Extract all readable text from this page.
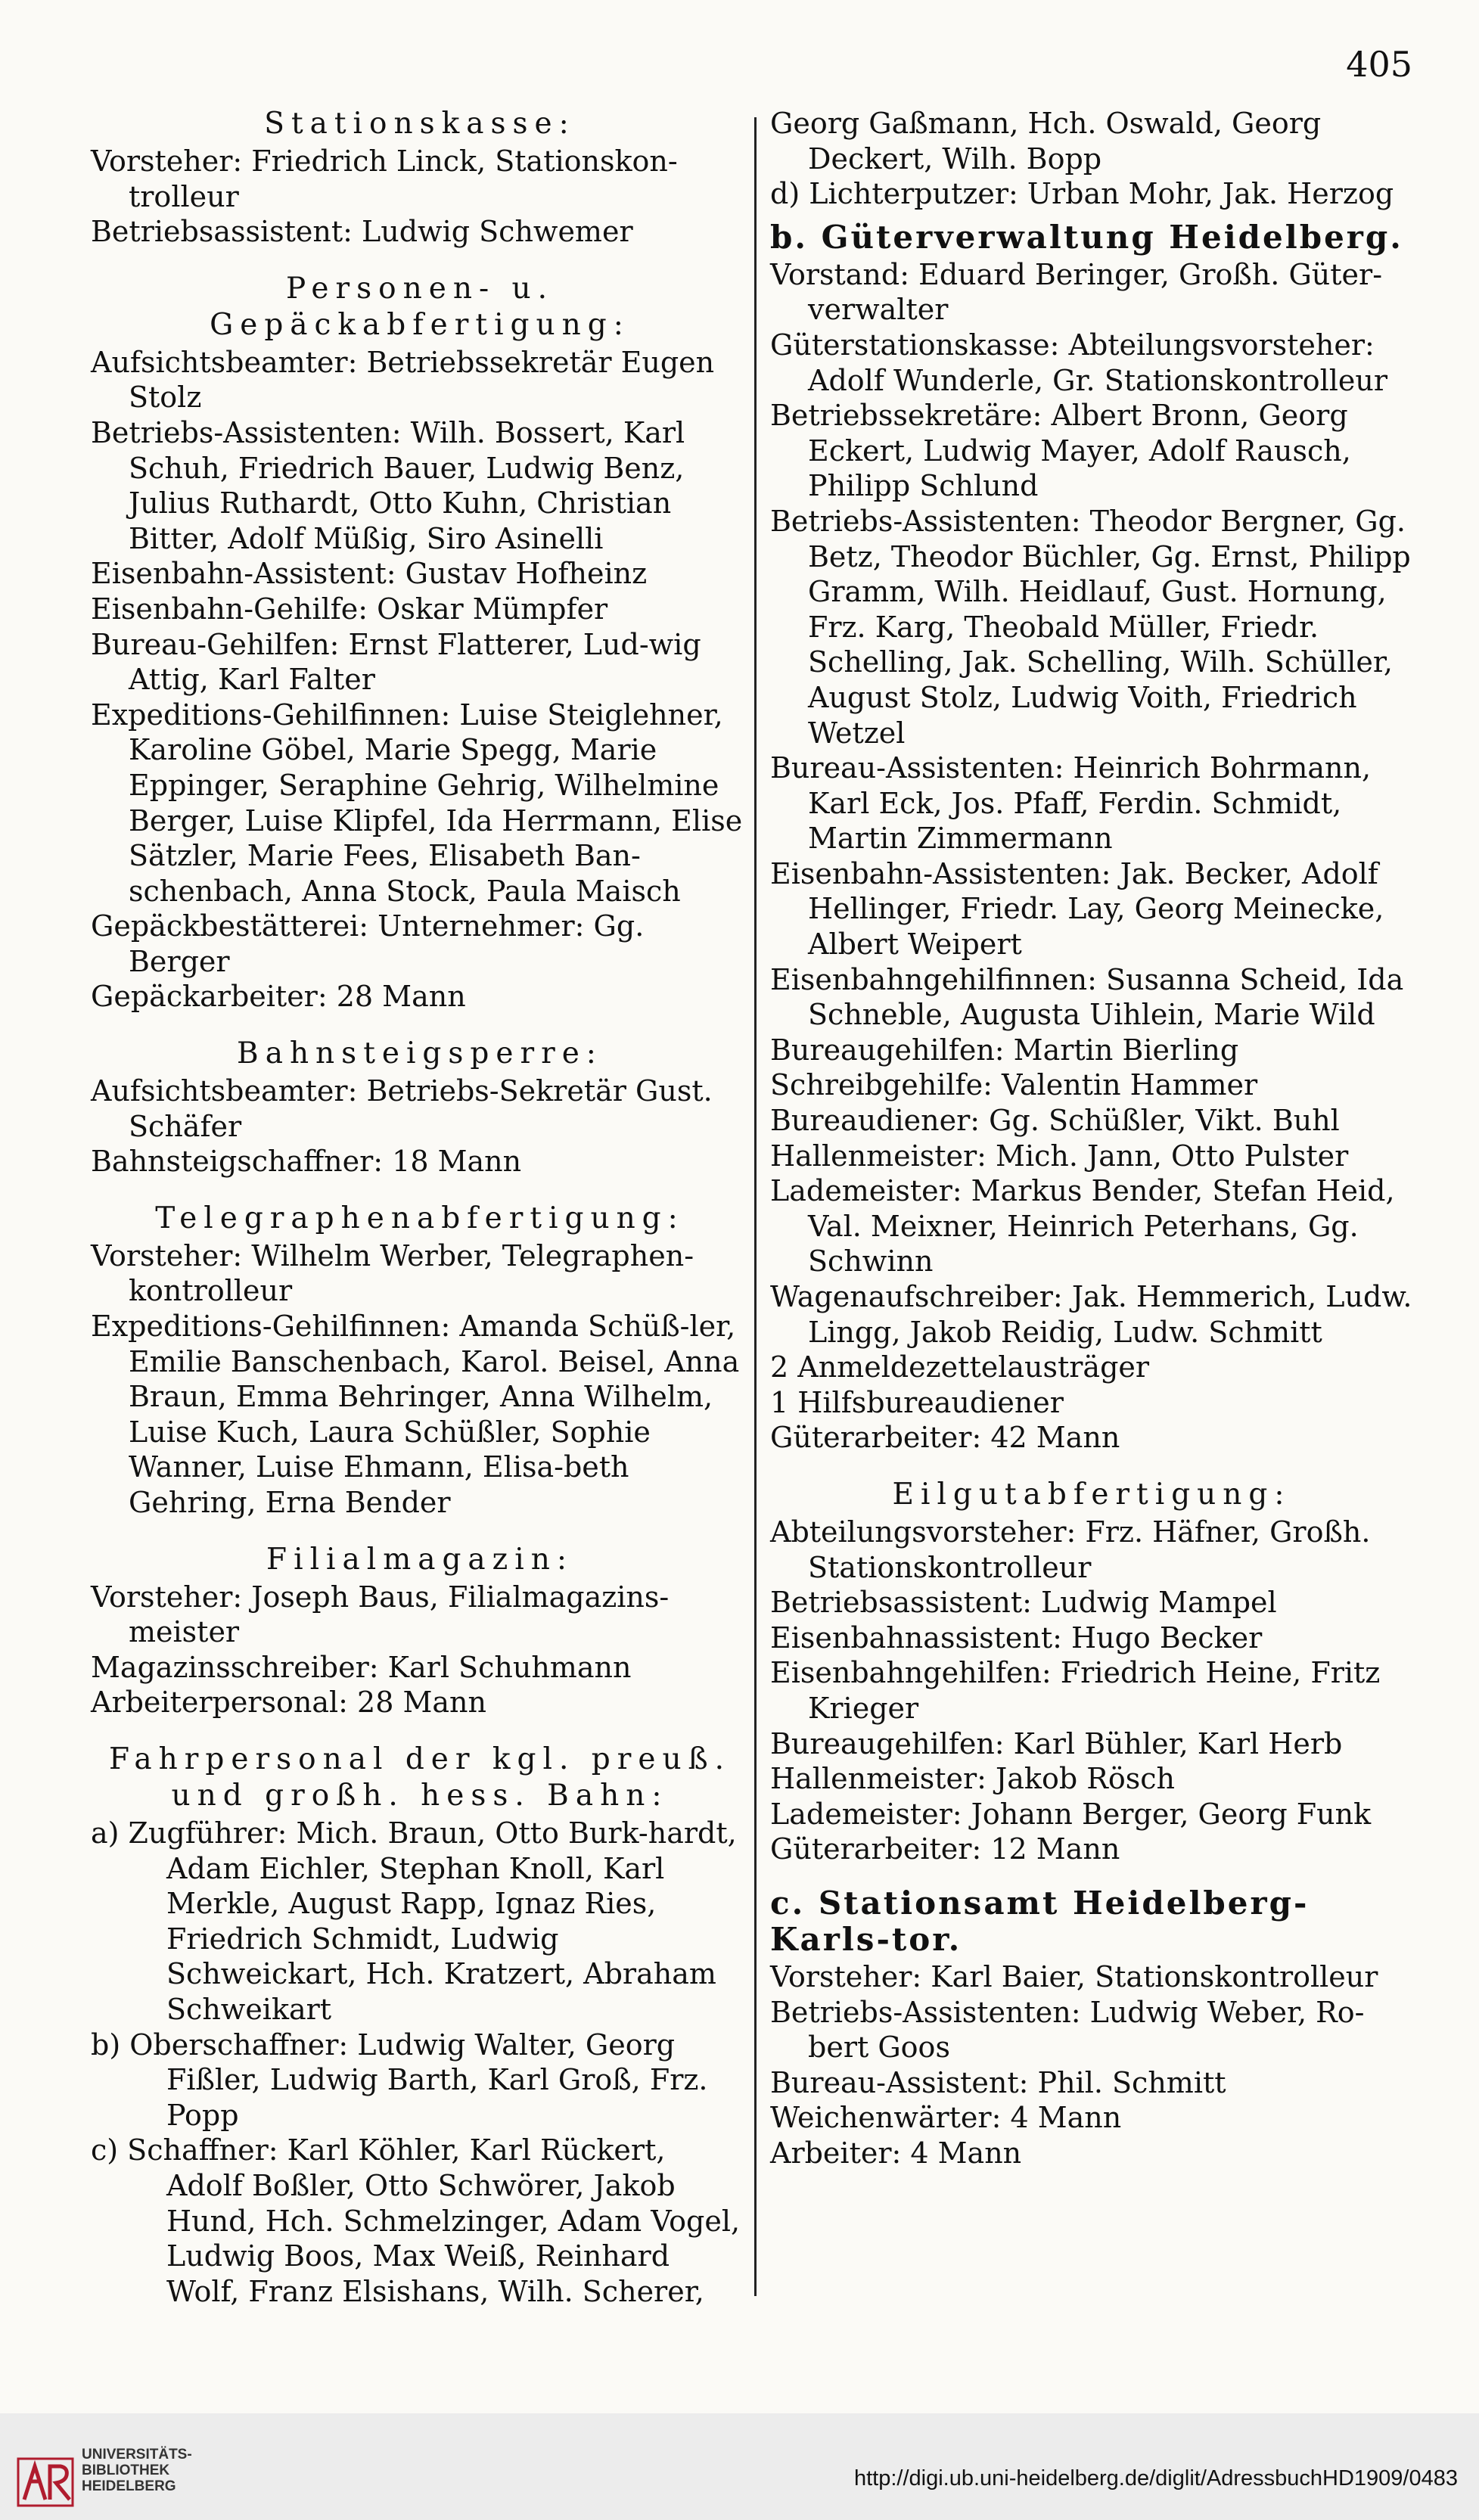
405
Stationskasse:
Vorsteher: Friedrich Linck, Stationskon-trolleur
Betriebsassistent: Ludwig Schwemer
Personen- u. Gepäckabfertigung:
Aufsichtsbeamter: Betriebssekretär Eugen Stolz
Betriebs-Assistenten: Wilh. Bossert, Karl Schuh, Friedrich Bauer, Ludwig Benz, Julius Ruthardt, Otto Kuhn, Christian Bitter, Adolf Müßig, Siro Asinelli
Eisenbahn-Assistent: Gustav Hofheinz
Eisenbahn-Gehilfe: Oskar Mümpfer
Bureau-Gehilfen: Ernst Flatterer, Lud-wig Attig, Karl Falter
Expeditions-Gehilfinnen: Luise Steiglehner, Karoline Göbel, Marie Spegg, Marie Eppinger, Seraphine Gehrig, Wilhelmine Berger, Luise Klipfel, Ida Herrmann, Elise Sätzler, Marie Fees, Elisabeth Ban-schenbach, Anna Stock, Paula Maisch
Gepäckbestätterei: Unternehmer: Gg. Berger
Gepäckarbeiter: 28 Mann
Bahnsteigsperre:
Aufsichtsbeamter: Betriebs-Sekretär Gust. Schäfer
Bahnsteigschaffner: 18 Mann
Telegraphenabfertigung:
Vorsteher: Wilhelm Werber, Telegraphen-kontrolleur
Expeditions-Gehilfinnen: Amanda Schüß-ler, Emilie Banschenbach, Karol. Beisel, Anna Braun, Emma Behringer, Anna Wilhelm, Luise Kuch, Laura Schüßler, Sophie Wanner, Luise Ehmann, Elisa-beth Gehring, Erna Bender
Filialmagazin:
Vorsteher: Joseph Baus, Filialmagazins-meister
Magazinsschreiber: Karl Schuhmann
Arbeiterpersonal: 28 Mann
Fahrpersonal der kgl. preuß. und großh. hess. Bahn:
a) Zugführer: Mich. Braun, Otto Burk-hardt, Adam Eichler, Stephan Knoll, Karl Merkle, August Rapp, Ignaz Ries, Friedrich Schmidt, Ludwig Schweickart, Hch. Kratzert, Abraham Schweikart
b) Oberschaffner: Ludwig Walter, Georg Fißler, Ludwig Barth, Karl Groß, Frz. Popp
c) Schaffner: Karl Köhler, Karl Rückert, Adolf Boßler, Otto Schwörer, Jakob Hund, Hch. Schmelzinger, Adam Vogel, Ludwig Boos, Max Weiß, Reinhard Wolf, Franz Elsishans, Wilh. Scherer,
Georg Gaßmann, Hch. Oswald, Georg Deckert, Wilh. Bopp
d) Lichterputzer: Urban Mohr, Jak. Herzog
b. Güterverwaltung Heidelberg.
Vorstand: Eduard Beringer, Großh. Güter-verwalter
Güterstationskasse: Abteilungsvorsteher: Adolf Wunderle, Gr. Stationskontrolleur
Betriebssekretäre: Albert Bronn, Georg Eckert, Ludwig Mayer, Adolf Rausch, Philipp Schlund
Betriebs-Assistenten: Theodor Bergner, Gg. Betz, Theodor Büchler, Gg. Ernst, Philipp Gramm, Wilh. Heidlauf, Gust. Hornung, Frz. Karg, Theobald Müller, Friedr. Schelling, Jak. Schelling, Wilh. Schüller, August Stolz, Ludwig Voith, Friedrich Wetzel
Bureau-Assistenten: Heinrich Bohrmann, Karl Eck, Jos. Pfaff, Ferdin. Schmidt, Martin Zimmermann
Eisenbahn-Assistenten: Jak. Becker, Adolf Hellinger, Friedr. Lay, Georg Meinecke, Albert Weipert
Eisenbahngehilfinnen: Susanna Scheid, Ida Schneble, Augusta Uihlein, Marie Wild
Bureaugehilfen: Martin Bierling
Schreibgehilfe: Valentin Hammer
Bureaudiener: Gg. Schüßler, Vikt. Buhl
Hallenmeister: Mich. Jann, Otto Pulster
Lademeister: Markus Bender, Stefan Heid, Val. Meixner, Heinrich Peterhans, Gg. Schwinn
Wagenaufschreiber: Jak. Hemmerich, Ludw. Lingg, Jakob Reidig, Ludw. Schmitt
2 Anmeldezettelausträger
1 Hilfsbureaudiener
Güterarbeiter: 42 Mann
Eilgutabfertigung:
Abteilungsvorsteher: Frz. Häfner, Großh. Stationskontrolleur
Betriebsassistent: Ludwig Mampel
Eisenbahnassistent: Hugo Becker
Eisenbahngehilfen: Friedrich Heine, Fritz Krieger
Bureaugehilfen: Karl Bühler, Karl Herb
Hallenmeister: Jakob Rösch
Lademeister: Johann Berger, Georg Funk
Güterarbeiter: 12 Mann
c. Stationsamt Heidelberg-Karls-tor.
Vorsteher: Karl Baier, Stationskontrolleur
Betriebs-Assistenten: Ludwig Weber, Ro-bert Goos
Bureau-Assistent: Phil. Schmitt
Weichenwärter: 4 Mann
Arbeiter: 4 Mann
UNIVERSITÄTS-
BIBLIOTHEK
HEIDELBERG	http://digi.ub.uni-heidelberg.de/diglit/AdressbuchHD1909/0483
